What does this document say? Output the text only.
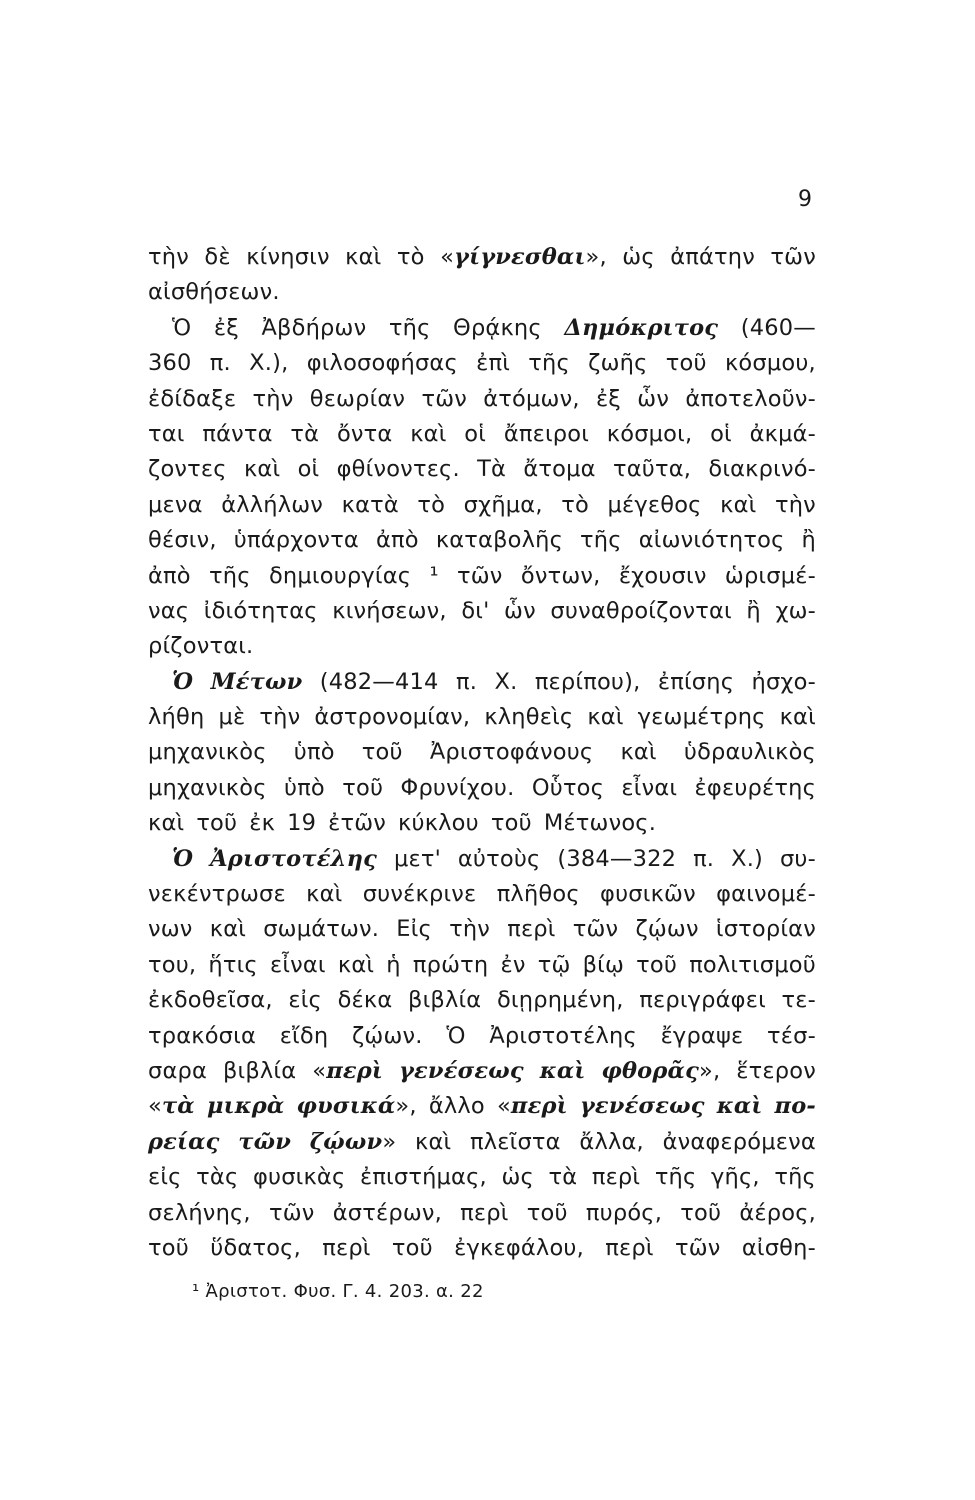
9
τὴν δὲ κίνησιν καὶ τὸ «γίγνεσθαι», ὡς ἀπάτην τῶν
αἰσθήσεων.
Ὁ ἐξ Ἀβδήρων τῆς Θρᾴκης Δημόκριτος (460—
360 π. Χ.), φιλοσοφήσας ἐπὶ τῆς ζωῆς τοῦ κόσμου,
ἐδίδαξε τὴν θεωρίαν τῶν ἀτόμων, ἐξ ὧν ἀποτελοῦν-
ται πάντα τὰ ὄντα καὶ οἱ ἄπειροι κόσμοι, οἱ ἀκμά-
ζοντες καὶ οἱ φθίνοντες. Τὰ ἄτομα ταῦτα, διακρινό-
μενα ἀλλήλων κατὰ τὸ σχῆμα, τὸ μέγεθος καὶ τὴν
θέσιν, ὑπάρχοντα ἀπὸ καταβολῆς τῆς αἰωνιότητος ἢ
ἀπὸ τῆς δημιουργίας ¹ τῶν ὄντων, ἔχουσιν ὡρισμέ-
νας ἰδιότητας κινήσεων, δι' ὧν συναθροίζονται ἢ χω-
ρίζονται.
Ὁ Μέτων (482—414 π. Χ. περίπου), ἐπίσης ἠσχο-
λήθη μὲ τὴν ἀστρονομίαν, κληθεὶς καὶ γεωμέτρης καὶ
μηχανικὸς ὑπὸ τοῦ Ἀριστοφάνους καὶ ὑδραυλικὸς
μηχανικὸς ὑπὸ τοῦ Φρυνίχου. Οὗτος εἶναι ἐφευρέτης
καὶ τοῦ ἐκ 19 ἐτῶν κύκλου τοῦ Μέτωνος.
Ὁ Ἀριστοτέλης μετ' αὐτοὺς (384—322 π. Χ.) συ-
νεκέντρωσε καὶ συνέκρινε πλῆθος φυσικῶν φαινομέ-
νων καὶ σωμάτων. Εἰς τὴν περὶ τῶν ζῴων ἱστορίαν
του, ἥτις εἶναι καὶ ἡ πρώτη ἐν τῷ βίῳ τοῦ πολιτισμοῦ
ἐκδοθεῖσα, εἰς δέκα βιβλία διῃρημένη, περιγράφει τε-
τρακόσια εἴδη ζῴων. Ὁ Ἀριστοτέλης ἔγραψε τέσ-
σαρα βιβλία «περὶ γενέσεως καὶ φθορᾶς», ἕτερον
«τὰ μικρὰ φυσικά», ἄλλο «περὶ γενέσεως καὶ πο-
ρείας τῶν ζῴων» καὶ πλεῖστα ἄλλα, ἀναφερόμενα
εἰς τὰς φυσικὰς ἐπιστήμας, ὡς τὰ περὶ τῆς γῆς, τῆς
σελήνης, τῶν ἀστέρων, περὶ τοῦ πυρός, τοῦ ἀέρος,
τοῦ ὕδατος, περὶ τοῦ ἐγκεφάλου, περὶ τῶν αἰσθη-
¹ Ἀριστοτ. Φυσ. Γ. 4. 203. α. 22
